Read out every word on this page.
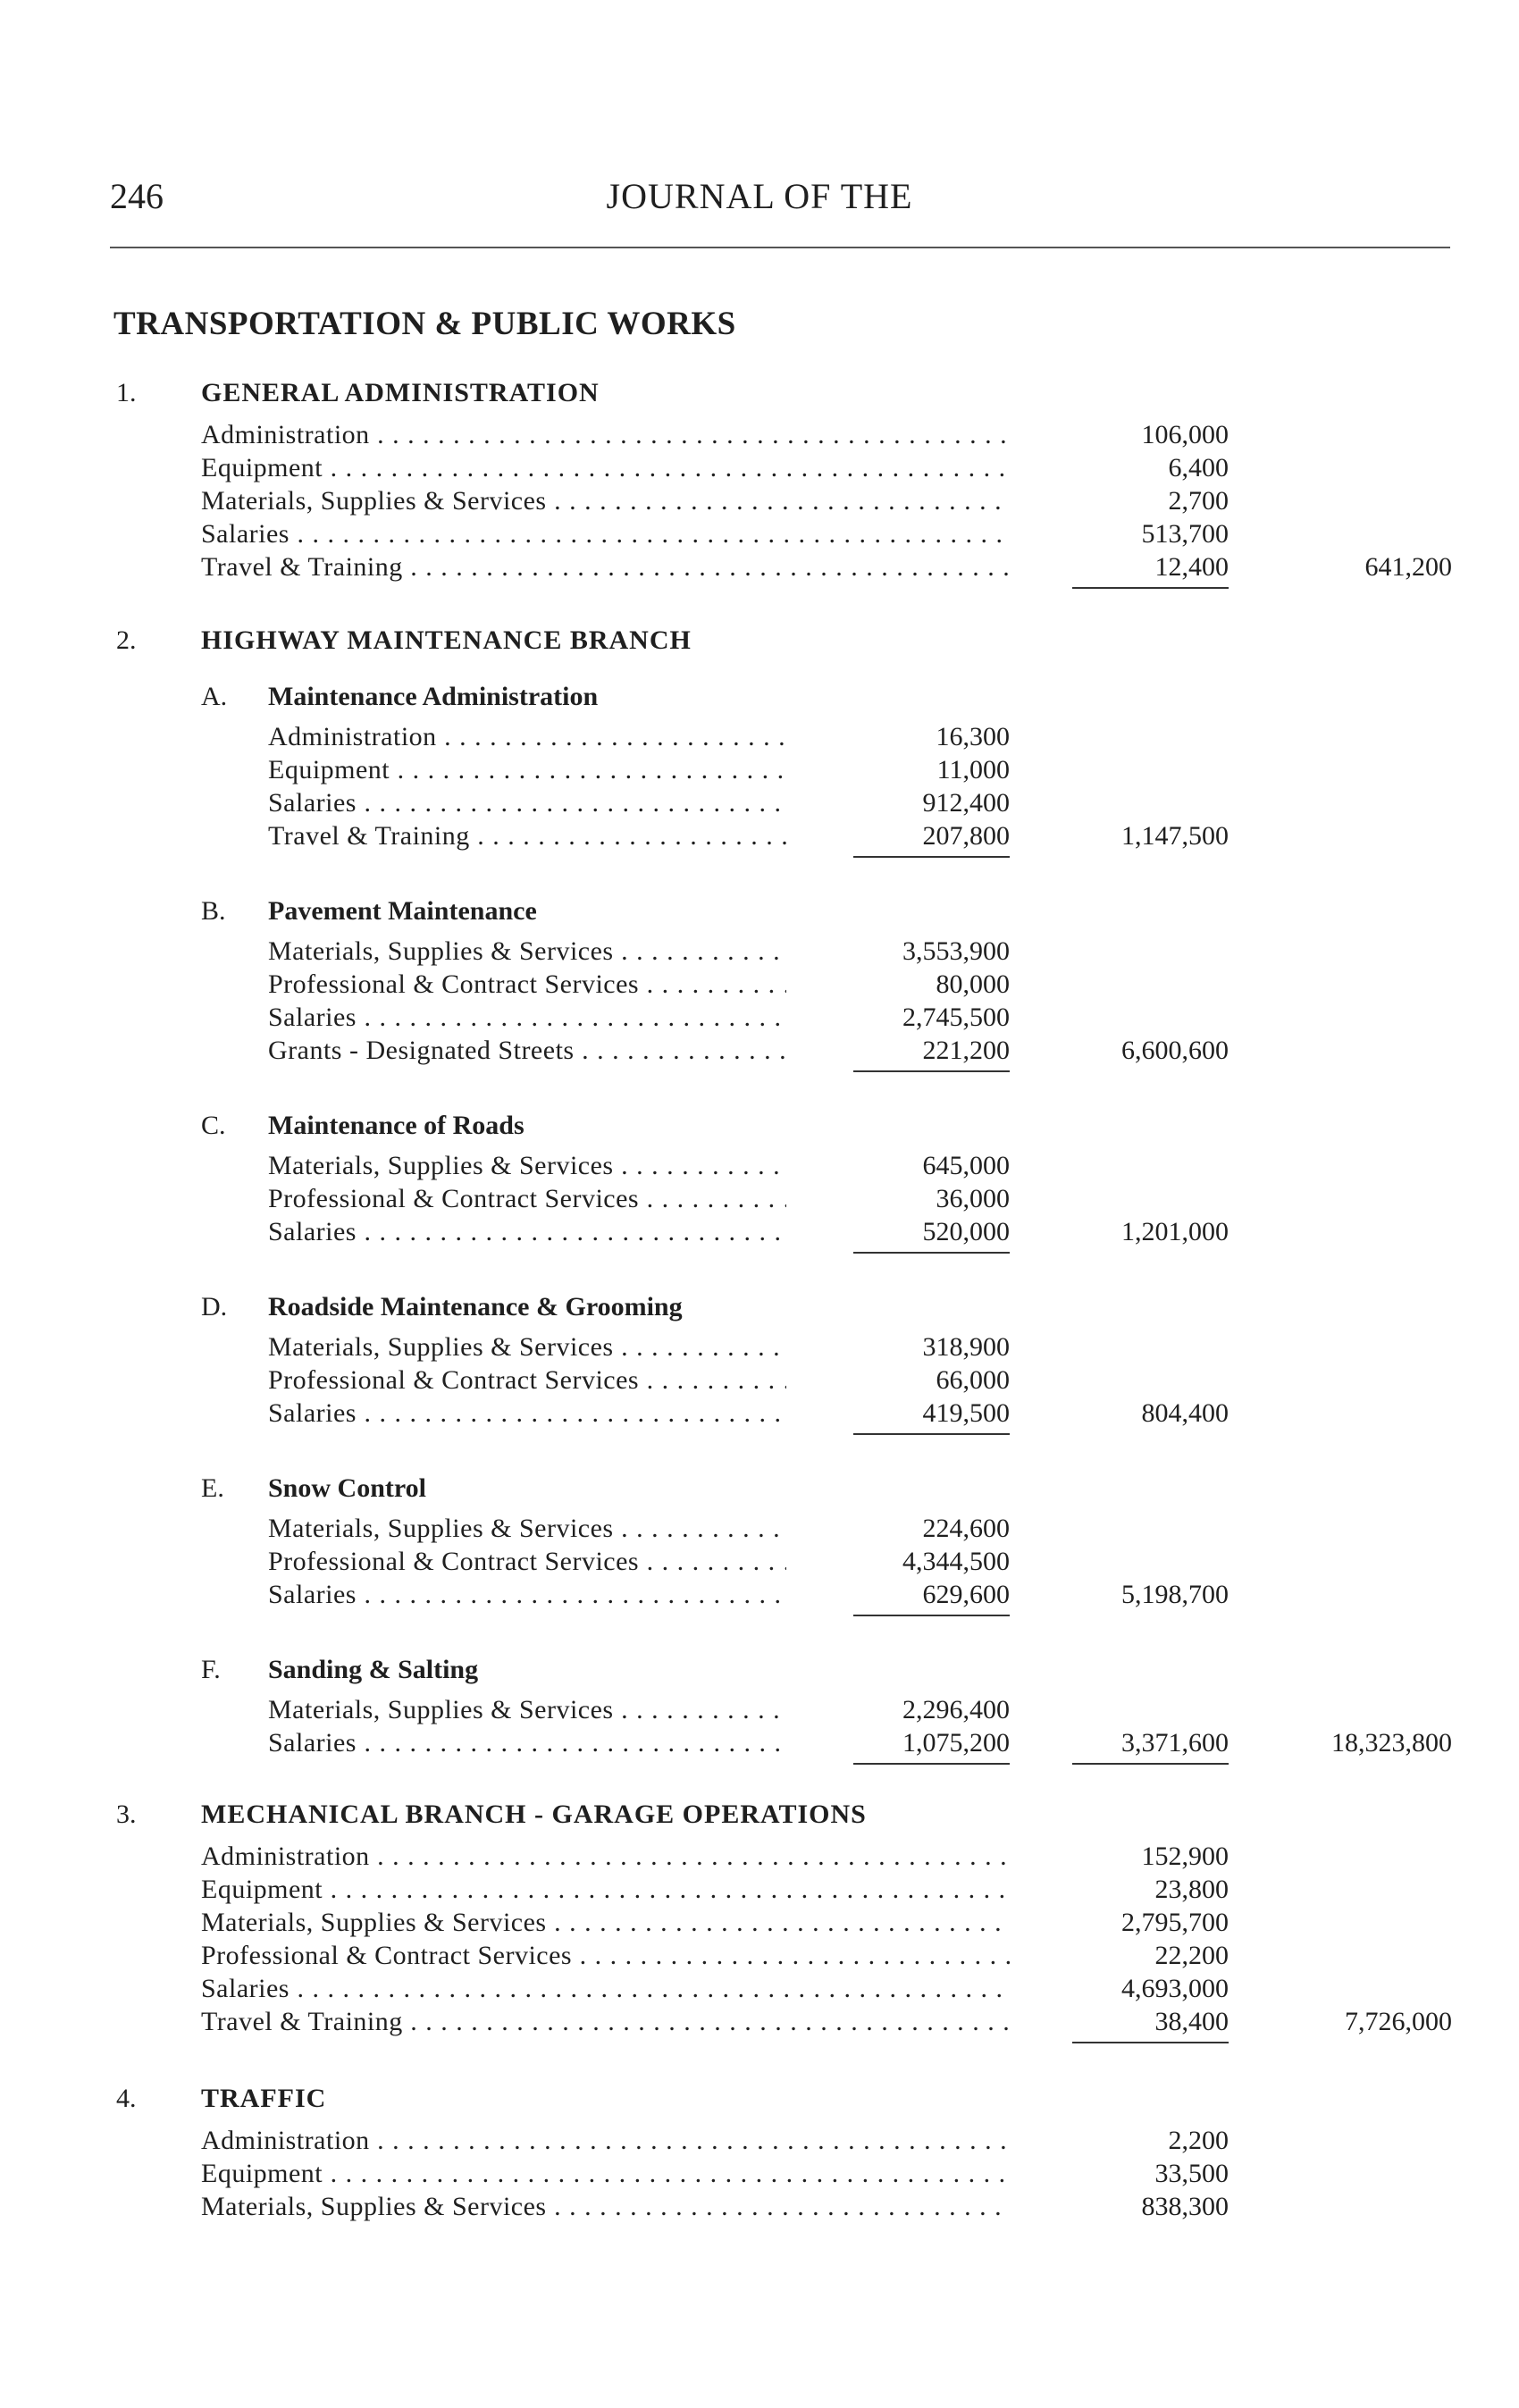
JOURNAL OF THE
246
TRANSPORTATION & PUBLIC WORKS
1. GENERAL ADMINISTRATION
Administration . . .	106,000
Equipment . . .	6,400
Materials, Supplies & Services . . .	2,700
Salaries . . .	513,700
Travel & Training . . .	12,400	641,200
2. HIGHWAY MAINTENANCE BRANCH
A. Maintenance Administration
Administration . . .	16,300
Equipment . . .	11,000
Salaries . . .	912,400
Travel & Training . . .	207,800	1,147,500
B. Pavement Maintenance
Materials, Supplies & Services . . .	3,553,900
Professional & Contract Services . . .	80,000
Salaries . . .	2,745,500
Grants - Designated Streets . . .	221,200	6,600,600
C. Maintenance of Roads
Materials, Supplies & Services . . .	645,000
Professional & Contract Services . . .	36,000
Salaries . . .	520,000	1,201,000
D. Roadside Maintenance & Grooming
Materials, Supplies & Services . . .	318,900
Professional & Contract Services . . .	66,000
Salaries . . .	419,500	804,400
E. Snow Control
Materials, Supplies & Services . . .	224,600
Professional & Contract Services . . .	4,344,500
Salaries . . .	629,600	5,198,700
F. Sanding & Salting
Materials, Supplies & Services . . .	2,296,400
Salaries . . .	1,075,200	3,371,600	18,323,800
3. MECHANICAL BRANCH - GARAGE OPERATIONS
Administration . . .	152,900
Equipment . . .	23,800
Materials, Supplies & Services . . .	2,795,700
Professional & Contract Services . . .	22,200
Salaries . . .	4,693,000
Travel & Training . . .	38,400	7,726,000
4. TRAFFIC
Administration . . .	2,200
Equipment . . .	33,500
Materials, Supplies & Services . . .	838,300
